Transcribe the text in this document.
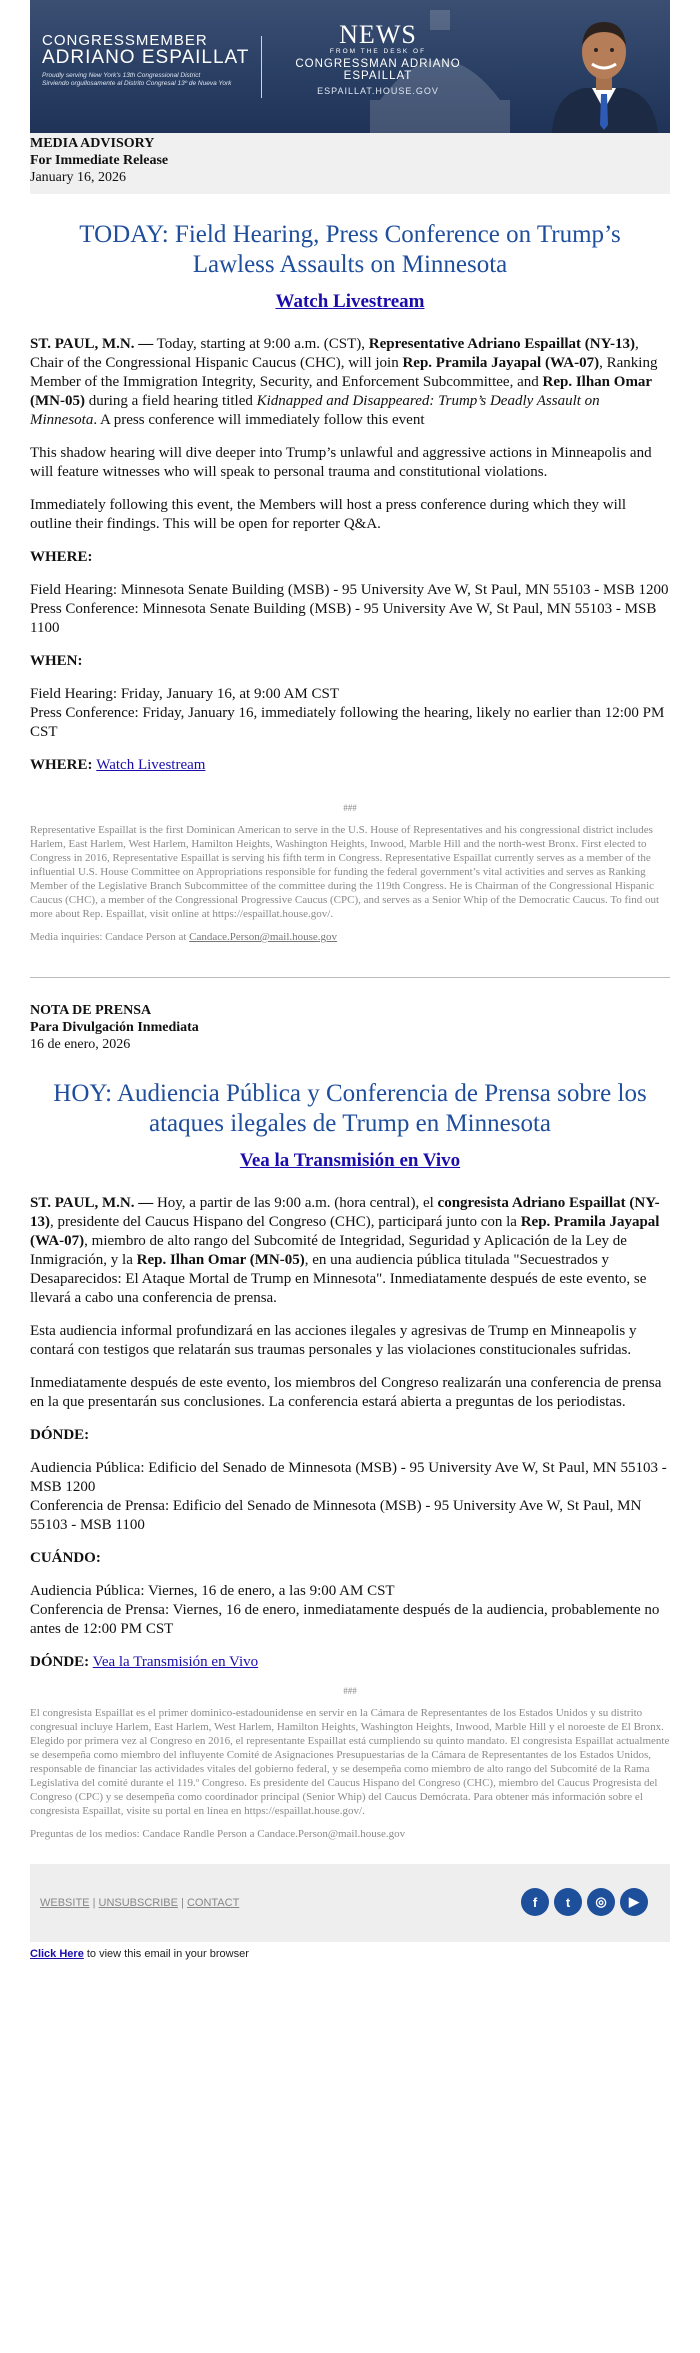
CONGRESSMEMBER
ADRIANO ESPAILLAT
Proudly serving New York's 13th Congressional District
Sirviendo orgullosamente al Distrito Congresal 13º de Nueva York
NEWS
FROM THE DESK OF
CONGRESSMAN ADRIANO ESPAILLAT
ESPAILLAT.HOUSE.GOV
MEDIA ADVISORY
For Immediate Release
January 16, 2026
TODAY: Field Hearing, Press Conference on Trump’s Lawless Assaults on Minnesota
Watch Livestream

ST. PAUL, M.N. — Today, starting at 9:00 a.m. (CST), Representative Adriano Espaillat (NY-13), Chair of the Congressional Hispanic Caucus (CHC), will join Rep. Pramila Jayapal (WA-07), Ranking Member of the Immigration Integrity, Security, and Enforcement Subcommittee, and Rep. Ilhan Omar (MN-05) during a field hearing titled Kidnapped and Disappeared: Trump’s Deadly Assault on Minnesota. A press conference will immediately follow this event

This shadow hearing will dive deeper into Trump’s unlawful and aggressive actions in Minneapolis and will feature witnesses who will speak to personal trauma and constitutional violations.

Immediately following this event, the Members will host a press conference during which they will outline their findings. This will be open for reporter Q&A.

WHERE:

Field Hearing: Minnesota Senate Building (MSB) - 95 University Ave W, St Paul, MN 55103 - MSB 1200
Press Conference: Minnesota Senate Building (MSB) - 95 University Ave W, St Paul, MN 55103 - MSB 1100

WHEN:

Field Hearing: Friday, January 16, at 9:00 AM CST
Press Conference: Friday, January 16, immediately following the hearing, likely no earlier than 12:00 PM CST

WHERE: Watch Livestream

###
Representative Espaillat is the first Dominican American to serve in the U.S. House of Representatives and his congressional district includes Harlem, East Harlem, West Harlem, Hamilton Heights, Washington Heights, Inwood, Marble Hill and the north-west Bronx. First elected to Congress in 2016, Representative Espaillat is serving his fifth term in Congress. Representative Espaillat currently serves as a member of the influential U.S. House Committee on Appropriations responsible for funding the federal government’s vital activities and serves as Ranking Member of the Legislative Branch Subcommittee of the committee during the 119th Congress. He is Chairman of the Congressional Hispanic Caucus (CHC), a member of the Congressional Progressive Caucus (CPC), and serves as a Senior Whip of the Democratic Caucus. To find out more about Rep. Espaillat, visit online at https://espaillat.house.gov/.
Media inquiries: Candace Person at Candace.Person@mail.house.gov
NOTA DE PRENSA
Para Divulgación Inmediata
16 de enero, 2026
HOY: Audiencia Pública y Conferencia de Prensa sobre los ataques ilegales de Trump en Minnesota
Vea la Transmisión en Vivo

ST. PAUL, M.N. — Hoy, a partir de las 9:00 a.m. (hora central), el congresista Adriano Espaillat (NY-13), presidente del Caucus Hispano del Congreso (CHC), participará junto con la Rep. Pramila Jayapal (WA-07), miembro de alto rango del Subcomité de Integridad, Seguridad y Aplicación de la Ley de Inmigración, y la Rep. Ilhan Omar (MN-05), en una audiencia pública titulada "Secuestrados y Desaparecidos: El Ataque Mortal de Trump en Minnesota". Inmediatamente después de este evento, se llevará a cabo una conferencia de prensa.

Esta audiencia informal profundizará en las acciones ilegales y agresivas de Trump en Minneapolis y contará con testigos que relatarán sus traumas personales y las violaciones constitucionales sufridas.

Inmediatamente después de este evento, los miembros del Congreso realizarán una conferencia de prensa en la que presentarán sus conclusiones. La conferencia estará abierta a preguntas de los periodistas.

DÓNDE:

Audiencia Pública: Edificio del Senado de Minnesota (MSB) - 95 University Ave W, St Paul, MN 55103 - MSB 1200
Conferencia de Prensa: Edificio del Senado de Minnesota (MSB) - 95 University Ave W, St Paul, MN 55103 - MSB 1100

CUÁNDO:

Audiencia Pública: Viernes, 16 de enero, a las 9:00 AM CST
Conferencia de Prensa: Viernes, 16 de enero, inmediatamente después de la audiencia, probablemente no antes de 12:00 PM CST

DÓNDE: Vea la Transmisión en Vivo

###
El congresista Espaillat es el primer dominico-estadounidense en servir en la Cámara de Representantes de los Estados Unidos y su distrito congresual incluye Harlem, East Harlem, West Harlem, Hamilton Heights, Washington Heights, Inwood, Marble Hill y el noroeste de El Bronx. Elegido por primera vez al Congreso en 2016, el representante Espaillat está cumpliendo su quinto mandato. El congresista Espaillat actualmente se desempeña como miembro del influyente Comité de Asignaciones Presupuestarias de la Cámara de Representantes de los Estados Unidos, responsable de financiar las actividades vitales del gobierno federal, y se desempeña como miembro de alto rango del Subcomité de la Rama Legislativa del comité durante el 119.º Congreso. Es presidente del Caucus Hispano del Congreso (CHC), miembro del Caucus Progresista del Congreso (CPC) y se desempeña como coordinador principal (Senior Whip) del Caucus Demócrata. Para obtener más información sobre el congresista Espaillat, visite su portal en línea en https://espaillat.house.gov/.
Preguntas de los medios: Candace Randle Person a Candace.Person@mail.house.gov
WEBSITE | UNSUBSCRIBE | CONTACT	f	t	◎	▶
Click Here to view this email in your browser
